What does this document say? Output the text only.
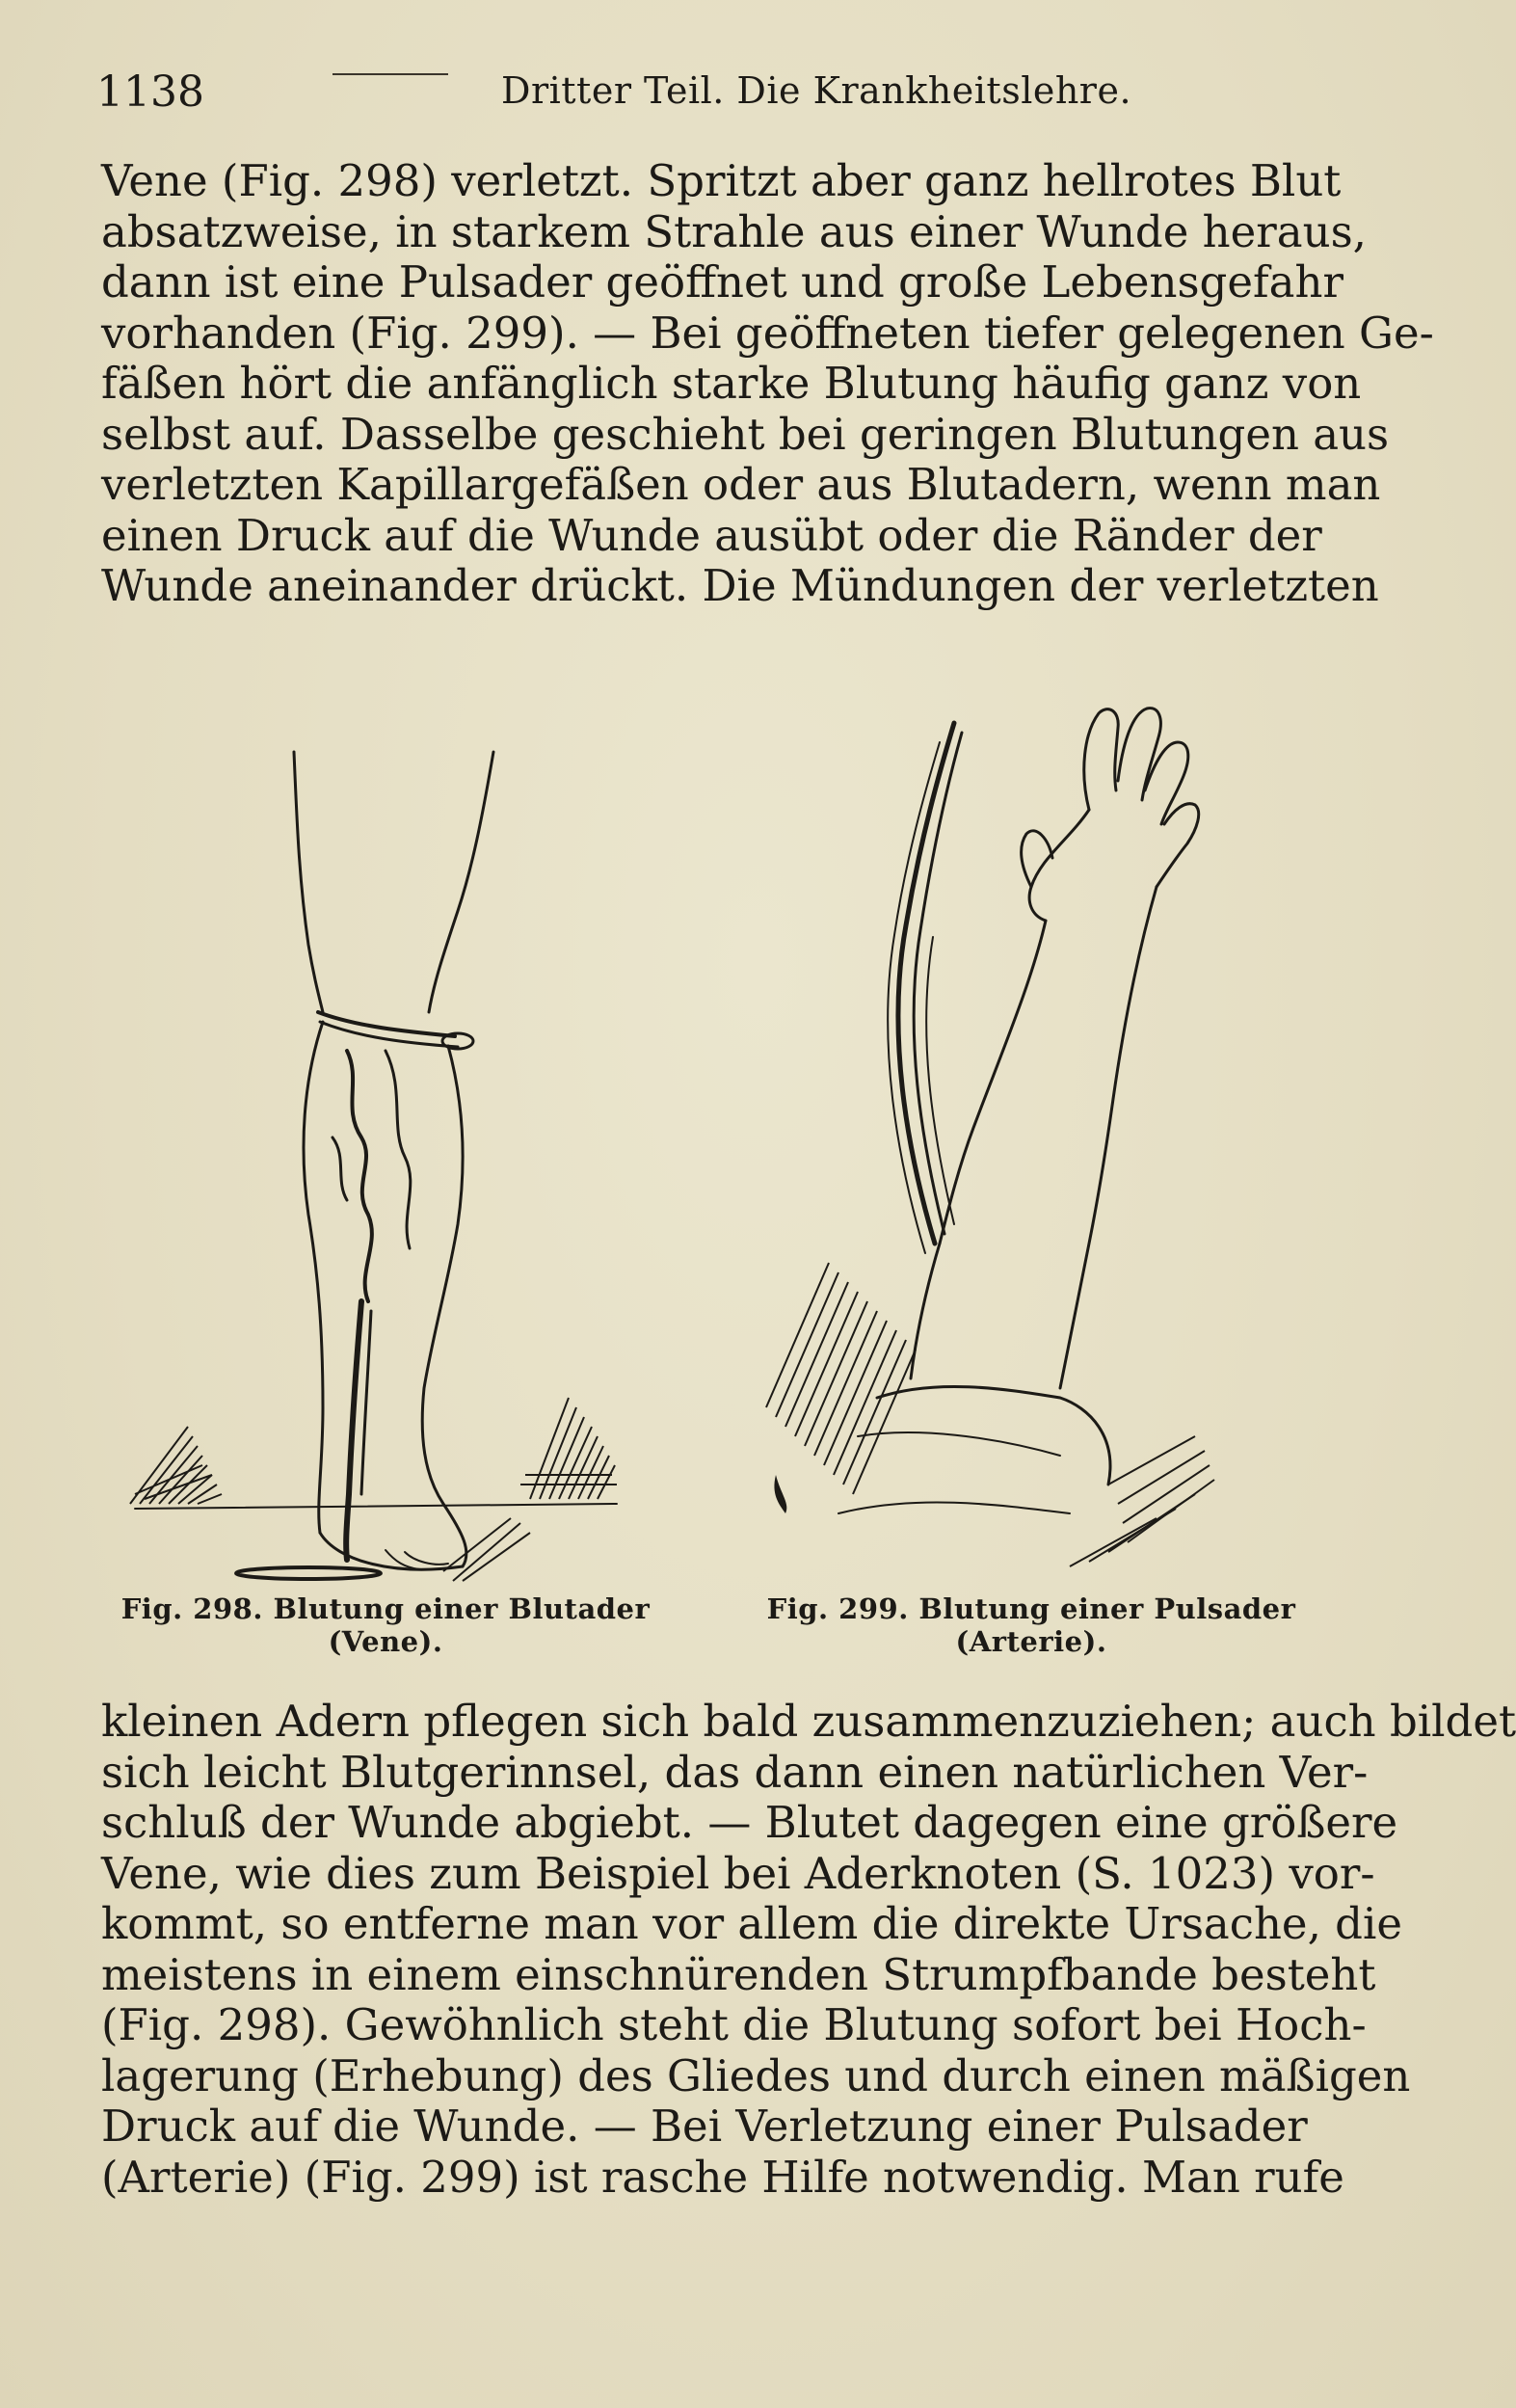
1138	Dritter Teil. Die Krankheitslehre.
Vene (Fig. 298) verletzt. Spritzt aber ganz hellrotes Blut
absatzweise, in starkem Strahle aus einer Wunde heraus,
dann ist eine Pulsader geöffnet und große Lebensgefahr
vorhanden (Fig. 299). — Bei geöffneten tiefer gelegenen Ge-
fäßen hört die anfänglich starke Blutung häufig ganz von
selbst auf. Dasselbe geschieht bei geringen Blutungen aus
verletzten Kapillargefäßen oder aus Blutadern, wenn man
einen Druck auf die Wunde ausübt oder die Ränder der
Wunde aneinander drückt. Die Mündungen der verletzten
Fig. 298. Blutung einer Blutader
(Vene).
Fig. 299. Blutung einer Pulsader
(Arterie).
kleinen Adern pflegen sich bald zusammenzuziehen; auch bildet
sich leicht Blutgerinnsel, das dann einen natürlichen Ver-
schluß der Wunde abgiebt. — Blutet dagegen eine größere
Vene, wie dies zum Beispiel bei Aderknoten (S. 1023) vor-
kommt, so entferne man vor allem die direkte Ursache, die
meistens in einem einschnürenden Strumpfbande besteht
(Fig. 298). Gewöhnlich steht die Blutung sofort bei Hoch-
lagerung (Erhebung) des Gliedes und durch einen mäßigen
Druck auf die Wunde. — Bei Verletzung einer Pulsader
(Arterie) (Fig. 299) ist rasche Hilfe notwendig. Man rufe
